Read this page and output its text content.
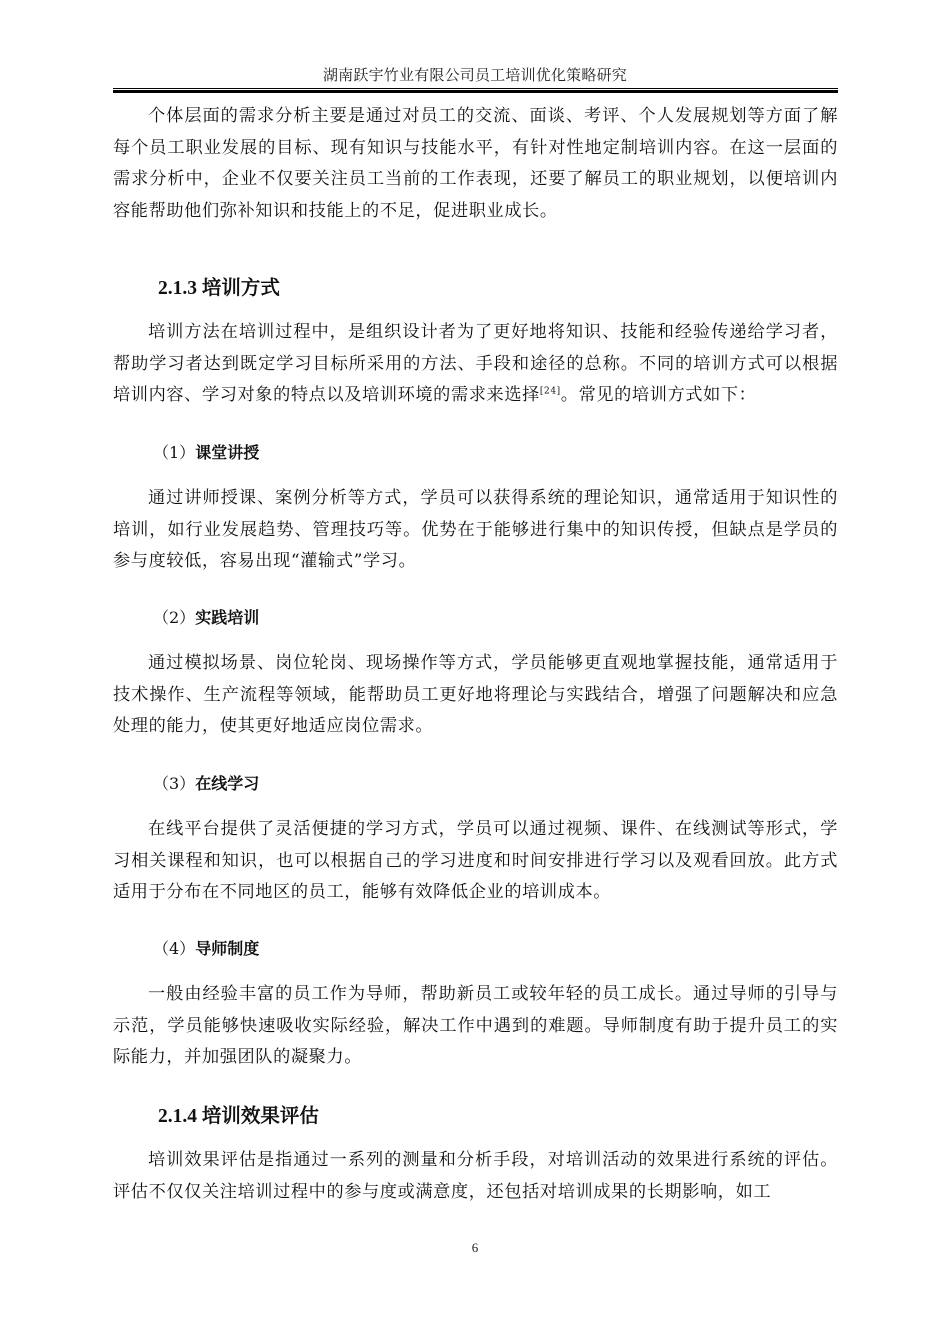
湖南跃宇竹业有限公司员工培训优化策略研究

个体层面的需求分析主要是通过对员工的交流、面谈、考评、个人发展规划等方面了解每个员工职业发展的目标、现有知识与技能水平，有针对性地定制培训内容。在这一层面的需求分析中，企业不仅要关注员工当前的工作表现，还要了解员工的职业规划，以便培训内容能帮助他们弥补知识和技能上的不足，促进职业成长。

2.1.3 培训方式

培训方法在培训过程中，是组织设计者为了更好地将知识、技能和经验传递给学习者，帮助学习者达到既定学习目标所采用的方法、手段和途径的总称。不同的培训方式可以根据培训内容、学习对象的特点以及培训环境的需求来选择[24]。常见的培训方式如下：

（1）课堂讲授

通过讲师授课、案例分析等方式，学员可以获得系统的理论知识，通常适用于知识性的培训，如行业发展趋势、管理技巧等。优势在于能够进行集中的知识传授，但缺点是学员的参与度较低，容易出现“灌输式”学习。

（2）实践培训

通过模拟场景、岗位轮岗、现场操作等方式，学员能够更直观地掌握技能，通常适用于技术操作、生产流程等领域，能帮助员工更好地将理论与实践结合，增强了问题解决和应急处理的能力，使其更好地适应岗位需求。

（3）在线学习

在线平台提供了灵活便捷的学习方式，学员可以通过视频、课件、在线测试等形式，学习相关课程和知识，也可以根据自己的学习进度和时间安排进行学习以及观看回放。此方式适用于分布在不同地区的员工，能够有效降低企业的培训成本。

（4）导师制度

一般由经验丰富的员工作为导师，帮助新员工或较年轻的员工成长。通过导师的引导与示范，学员能够快速吸收实际经验，解决工作中遇到的难题。导师制度有助于提升员工的实际能力，并加强团队的凝聚力。

2.1.4 培训效果评估

培训效果评估是指通过一系列的测量和分析手段，对培训活动的效果进行系统的评估。评估不仅仅关注培训过程中的参与度或满意度，还包括对培训成果的长期影响，如工

6
